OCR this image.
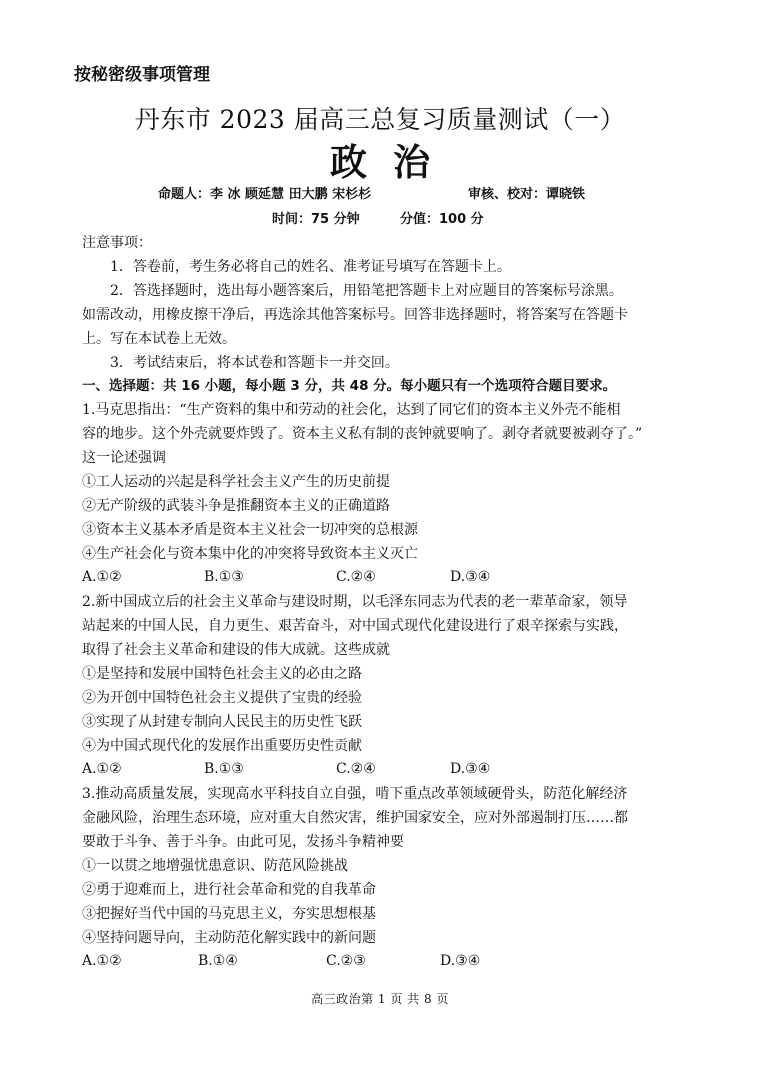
按秘密级事项管理
丹东市 2023 届高三总复习质量测试（一）
政治
命题人：李 冰 顾延慧 田大鹏 宋杉杉	审核、校对：谭晓铁
时间：75 分钟	分值：100 分
注意事项：
1．答卷前，考生务必将自己的姓名、准考证号填写在答题卡上。
2．答选择题时，选出每小题答案后，用铅笔把答题卡上对应题目的答案标号涂黑。
如需改动，用橡皮擦干净后，再选涂其他答案标号。回答非选择题时，将答案写在答题卡
上。写在本试卷上无效。
3．考试结束后，将本试卷和答题卡一并交回。
一、选择题：共 16 小题，每小题 3 分，共 48 分。每小题只有一个选项符合题目要求。
1.马克思指出：“生产资料的集中和劳动的社会化，达到了同它们的资本主义外壳不能相
容的地步。这个外壳就要炸毁了。资本主义私有制的丧钟就要响了。剥夺者就要被剥夺了。”
这一论述强调
①工人运动的兴起是科学社会主义产生的历史前提
②无产阶级的武装斗争是推翻资本主义的正确道路
③资本主义基本矛盾是资本主义社会一切冲突的总根源
④生产社会化与资本集中化的冲突将导致资本主义灭亡
A.①②	B.①③	C.②④	D.③④
2.新中国成立后的社会主义革命与建设时期，以毛泽东同志为代表的老一辈革命家，领导
站起来的中国人民，自力更生、艰苦奋斗，对中国式现代化建设进行了艰辛探索与实践，
取得了社会主义革命和建设的伟大成就。这些成就
①是坚持和发展中国特色社会主义的必由之路
②为开创中国特色社会主义提供了宝贵的经验
③实现了从封建专制向人民民主的历史性飞跃
④为中国式现代化的发展作出重要历史性贡献
A.①②	B.①③	C.②④	D.③④
3.推动高质量发展，实现高水平科技自立自强，啃下重点改革领域硬骨头，防范化解经济
金融风险，治理生态环境，应对重大自然灾害，维护国家安全，应对外部遏制打压……都
要敢于斗争、善于斗争。由此可见，发扬斗争精神要
①一以贯之地增强忧患意识、防范风险挑战
②勇于迎难而上，进行社会革命和党的自我革命
③把握好当代中国的马克思主义，夯实思想根基
④坚持问题导向，主动防范化解实践中的新问题
A.①②	B.①④	C.②③	D.③④
高三政治第 1 页 共 8 页
